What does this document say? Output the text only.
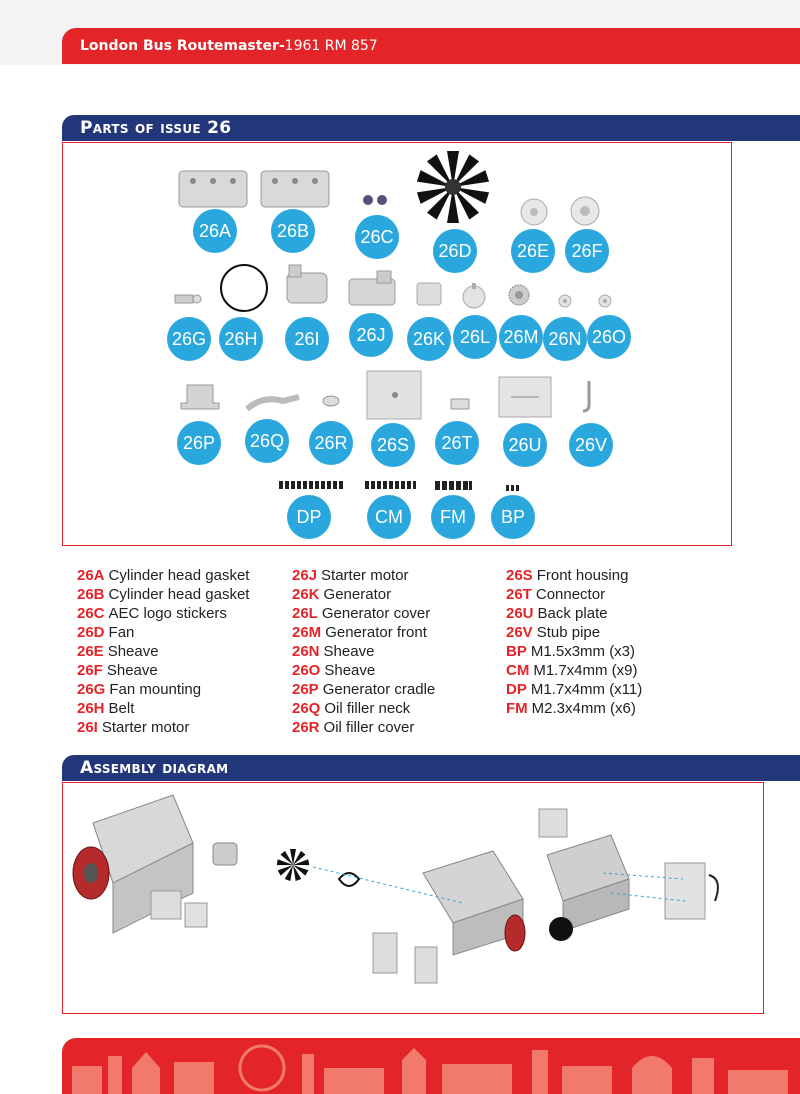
London Bus Routemaster-1961 RM 857
Parts of issue 26
26A	26B	26C
26D	26E	26F
26G	26H	26I	26J	26K 26L 26M 26N 26O
26P	26Q	26R	26S	26T	26U	26V
DP	CM	FM	BP
26A Cylinder head gasket
26B Cylinder head gasket
26C AEC logo stickers
26D Fan
26E Sheave
26F Sheave
26G Fan mounting
26H Belt
26I Starter motor
26J Starter motor
26K Generator
26L Generator cover
26M Generator front
26N Sheave
26O Sheave
26P Generator cradle
26Q Oil filler neck
26R Oil filler cover
26S Front housing
26T Connector
26U Back plate
26V Stub pipe
BP M1.5x3mm (x3)
CM M1.7x4mm (x9)
DP M1.7x4mm (x11)
FM M2.3x4mm (x6)
Assembly diagram
